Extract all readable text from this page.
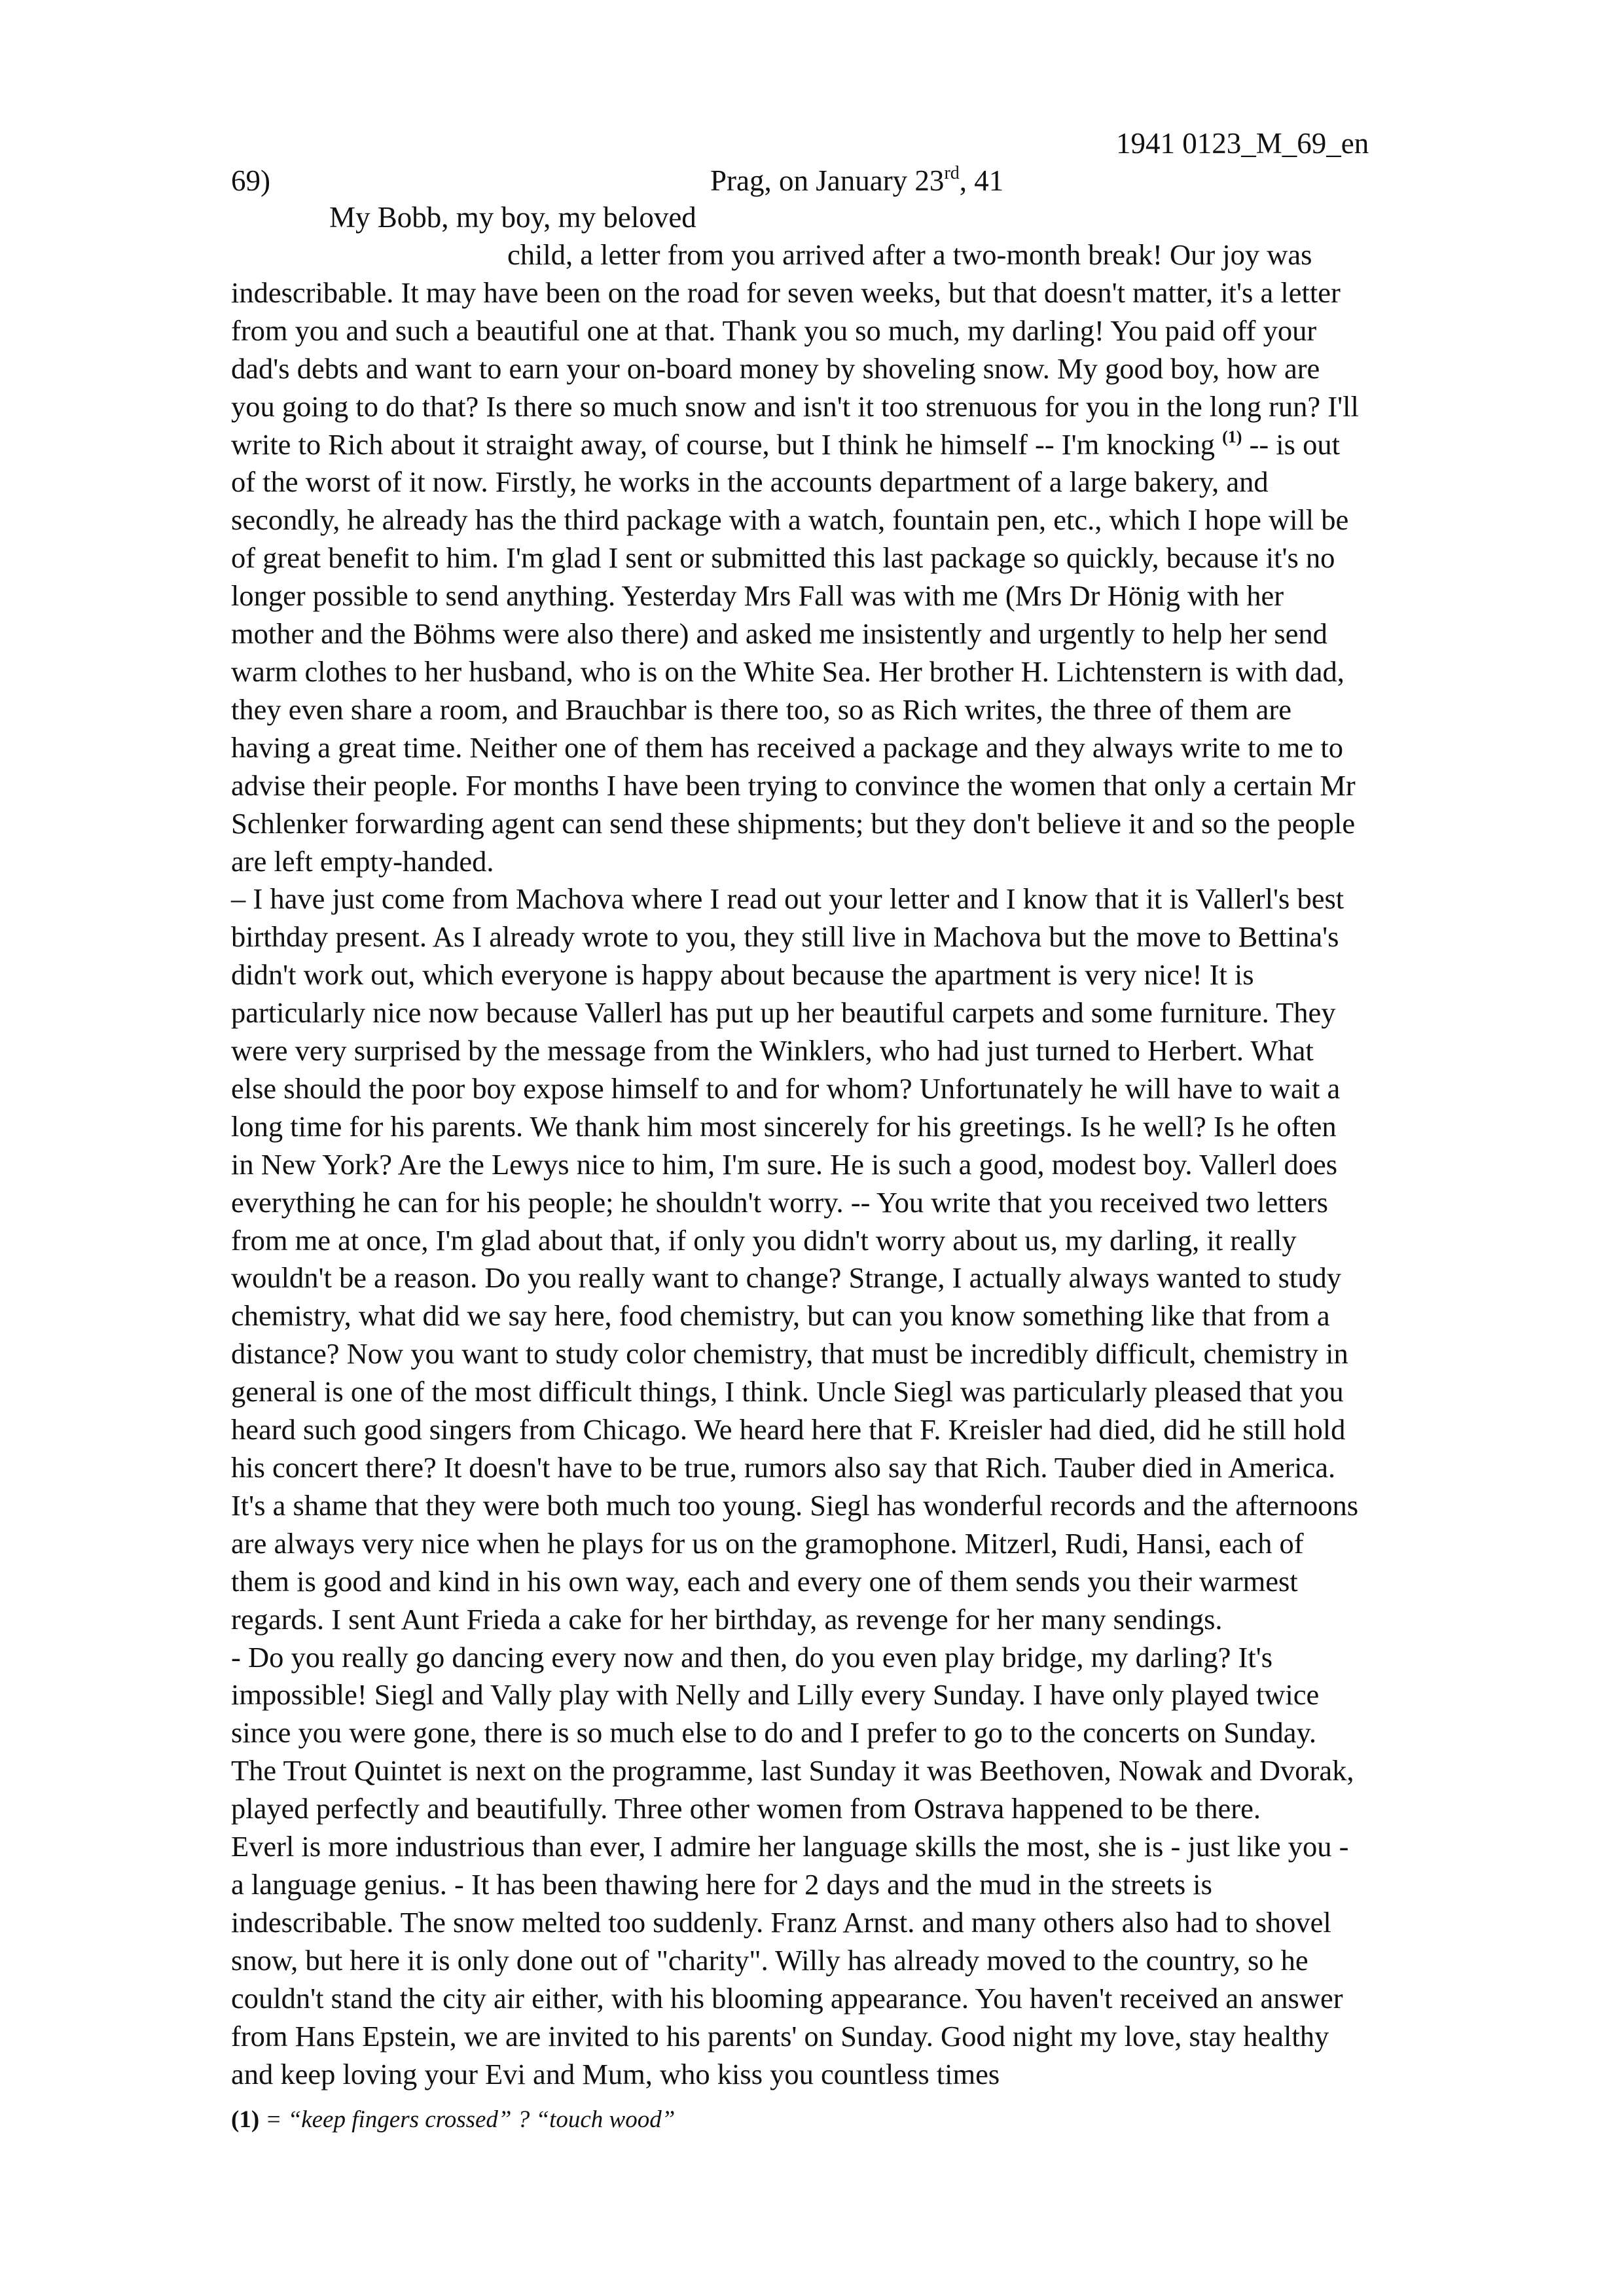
1941 0123_M_69_en
69)	Prag, on January 23rd, 41
My Bobb, my boy, my beloved
child, a letter from you arrived after a two-month break! Our joy was
indescribable. It may have been on the road for seven weeks, but that doesn't matter, it's a letter
from you and such a beautiful one at that. Thank you so much, my darling! You paid off your
dad's debts and want to earn your on-board money by shoveling snow. My good boy, how are
you going to do that? Is there so much snow and isn't it too strenuous for you in the long run? I'll
write to Rich about it straight away, of course, but I think he himself -- I'm knocking $^{(1)}$ -- is out
of the worst of it now. Firstly, he works in the accounts department of a large bakery, and
secondly, he already has the third package with a watch, fountain pen, etc., which I hope will be
of great benefit to him. I'm glad I sent or submitted this last package so quickly, because it's no
longer possible to send anything. Yesterday Mrs Fall was with me (Mrs Dr Hönig with her
mother and the Böhms were also there) and asked me insistently and urgently to help her send
warm clothes to her husband, who is on the White Sea. Her brother H. Lichtenstern is with dad,
they even share a room, and Brauchbar is there too, so as Rich writes, the three of them are
having a great time. Neither one of them has received a package and they always write to me to
advise their people. For months I have been trying to convince the women that only a certain Mr
Schlenker forwarding agent can send these shipments; but they don't believe it and so the people
are left empty-handed.
– I have just come from Machova where I read out your letter and I know that it is Vallerl's best
birthday present. As I already wrote to you, they still live in Machova but the move to Bettina's
didn't work out, which everyone is happy about because the apartment is very nice! It is
particularly nice now because Vallerl has put up her beautiful carpets and some furniture. They
were very surprised by the message from the Winklers, who had just turned to Herbert. What
else should the poor boy expose himself to and for whom? Unfortunately he will have to wait a
long time for his parents. We thank him most sincerely for his greetings. Is he well? Is he often
in New York? Are the Lewys nice to him, I'm sure. He is such a good, modest boy. Vallerl does
everything he can for his people; he shouldn't worry. -- You write that you received two letters
from me at once, I'm glad about that, if only you didn't worry about us, my darling, it really
wouldn't be a reason. Do you really want to change? Strange, I actually always wanted to study
chemistry, what did we say here, food chemistry, but can you know something like that from a
distance? Now you want to study color chemistry, that must be incredibly difficult, chemistry in
general is one of the most difficult things, I think. Uncle Siegl was particularly pleased that you
heard such good singers from Chicago. We heard here that F. Kreisler had died, did he still hold
his concert there? It doesn't have to be true, rumors also say that Rich. Tauber died in America.
It's a shame that they were both much too young. Siegl has wonderful records and the afternoons
are always very nice when he plays for us on the gramophone. Mitzerl, Rudi, Hansi, each of
them is good and kind in his own way, each and every one of them sends you their warmest
regards. I sent Aunt Frieda a cake for her birthday, as revenge for her many sendings.
- Do you really go dancing every now and then, do you even play bridge, my darling? It's
impossible! Siegl and Vally play with Nelly and Lilly every Sunday. I have only played twice
since you were gone, there is so much else to do and I prefer to go to the concerts on Sunday.
The Trout Quintet is next on the programme, last Sunday it was Beethoven, Nowak and Dvorak,
played perfectly and beautifully. Three other women from Ostrava happened to be there.
Everl is more industrious than ever, I admire her language skills the most, she is - just like you -
a language genius. - It has been thawing here for 2 days and the mud in the streets is
indescribable. The snow melted too suddenly. Franz Arnst. and many others also had to shovel
snow, but here it is only done out of "charity". Willy has already moved to the country, so he
couldn't stand the city air either, with his blooming appearance. You haven't received an answer
from Hans Epstein, we are invited to his parents' on Sunday. Good night my love, stay healthy
and keep loving your Evi and Mum, who kiss you countless times
(1) = “keep fingers crossed” ? “touch wood”
